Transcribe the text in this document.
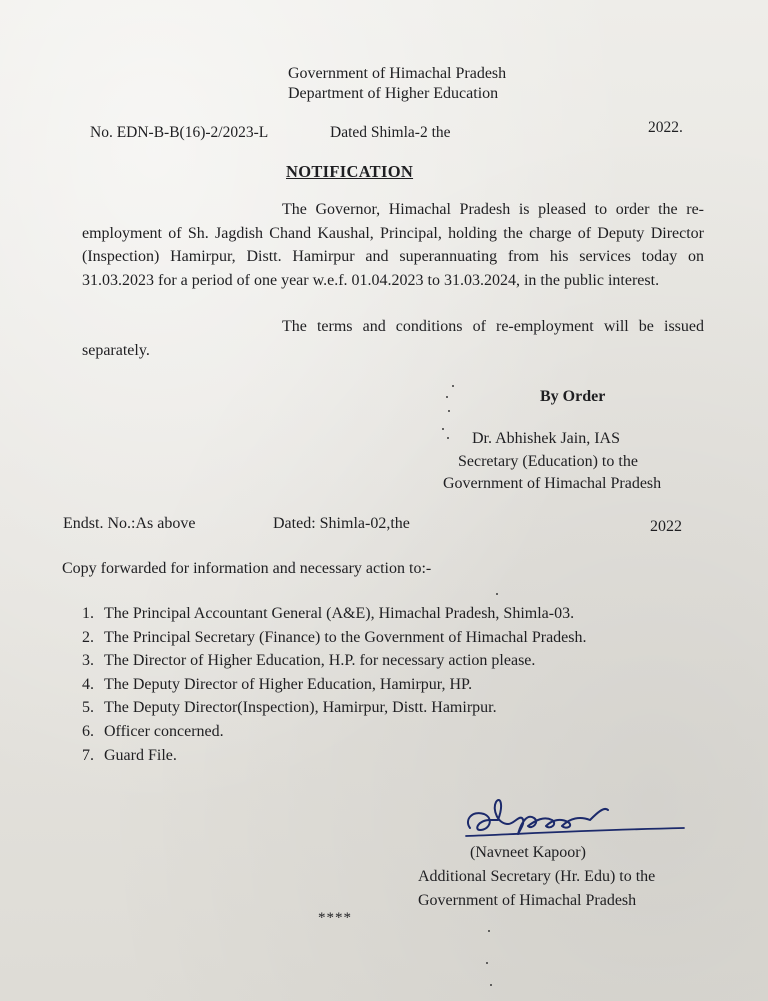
Government of Himachal Pradesh
Department of Higher Education
No. EDN-B-B(16)-2/2023-L	Dated Shimla-2 the	2022.
NOTIFICATION

The Governor, Himachal Pradesh is pleased to order the re-employment of Sh. Jagdish Chand Kaushal, Principal, holding the charge of Deputy Director (Inspection) Hamirpur, Distt. Hamirpur and superannuating from his services today on 31.03.2023 for a period of one year w.e.f. 01.04.2023 to 31.03.2024, in the public interest.

The terms and conditions of re-employment will be issued separately.

By Order
Dr. Abhishek Jain, IAS
Secretary (Education) to the
Government of Himachal Pradesh
Endst. No.:As above	Dated: Shimla-02,the	2022
Copy forwarded for information and necessary action to:-
1. The Principal Accountant General (A&E), Himachal Pradesh, Shimla-03.
2. The Principal Secretary (Finance) to the Government of Himachal Pradesh.
3. The Director of Higher Education, H.P. for necessary action please.
4. The Deputy Director of Higher Education, Hamirpur, HP.
5. The Deputy Director(Inspection), Hamirpur, Distt. Hamirpur.
6. Officer concerned.
7. Guard File.
(Navneet Kapoor)
Additional Secretary (Hr. Edu) to the
Government of Himachal Pradesh
****
